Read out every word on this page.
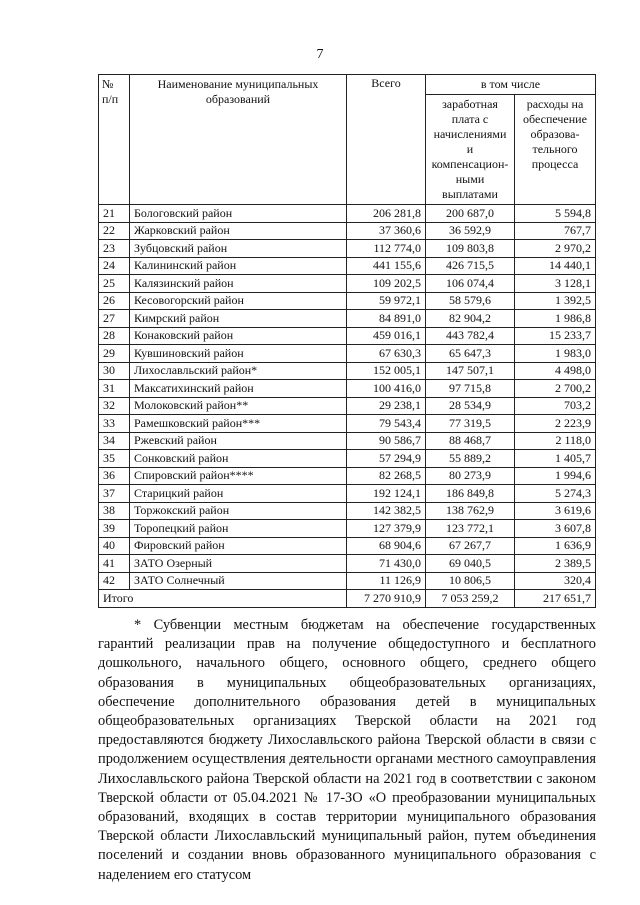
7
№ п/п	Наименование муниципальных образований	Всего	в том числе	
			заработная плата с начислениями и компенсацион-ными выплатами	расходы на обеспечение образова-тельного процесса
21	Бологовский район	206 281,8	200 687,0	5 594,8
22	Жарковский район	37 360,6	36 592,9	767,7
23	Зубцовский район	112 774,0	109 803,8	2 970,2
24	Калининский район	441 155,6	426 715,5	14 440,1
25	Калязинский район	109 202,5	106 074,4	3 128,1
26	Кесовогорский район	59 972,1	58 579,6	1 392,5
27	Кимрский район	84 891,0	82 904,2	1 986,8
28	Конаковский район	459 016,1	443 782,4	15 233,7
29	Кувшиновский район	67 630,3	65 647,3	1 983,0
30	Лихославльский район*	152 005,1	147 507,1	4 498,0
31	Максатихинский район	100 416,0	97 715,8	2 700,2
32	Молоковский район**	29 238,1	28 534,9	703,2
33	Рамешковский район***	79 543,4	77 319,5	2 223,9
34	Ржевский район	90 586,7	88 468,7	2 118,0
35	Сонковский район	57 294,9	55 889,2	1 405,7
36	Спировский район****	82 268,5	80 273,9	1 994,6
37	Старицкий район	192 124,1	186 849,8	5 274,3
38	Торжокский район	142 382,5	138 762,9	3 619,6
39	Торопецкий район	127 379,9	123 772,1	3 607,8
40	Фировский район	68 904,6	67 267,7	1 636,9
41	ЗАТО Озерный	71 430,0	69 040,5	2 389,5
42	ЗАТО Солнечный	11 126,9	10 806,5	320,4
Итого		7 270 910,9	7 053 259,2	217 651,7

* Субвенции местным бюджетам на обеспечение государственных гарантий реализации прав на получение общедоступного и бесплатного дошкольного, начального общего, основного общего, среднего общего образования в муниципальных общеобразовательных организациях, обеспечение дополнительного образования детей в муниципальных общеобразовательных организациях Тверской области на 2021 год предоставляются бюджету Лихославльского района Тверской области в связи с продолжением осуществления деятельности органами местного самоуправления Лихославльского района Тверской области на 2021 год в соответствии с законом Тверской области от 05.04.2021 № 17-ЗО «О преобразовании муниципальных образований, входящих в состав территории муниципального образования Тверской области Лихославльский муниципальный район, путем объединения поселений и создании вновь образованного муниципального образования с наделением его статусом
